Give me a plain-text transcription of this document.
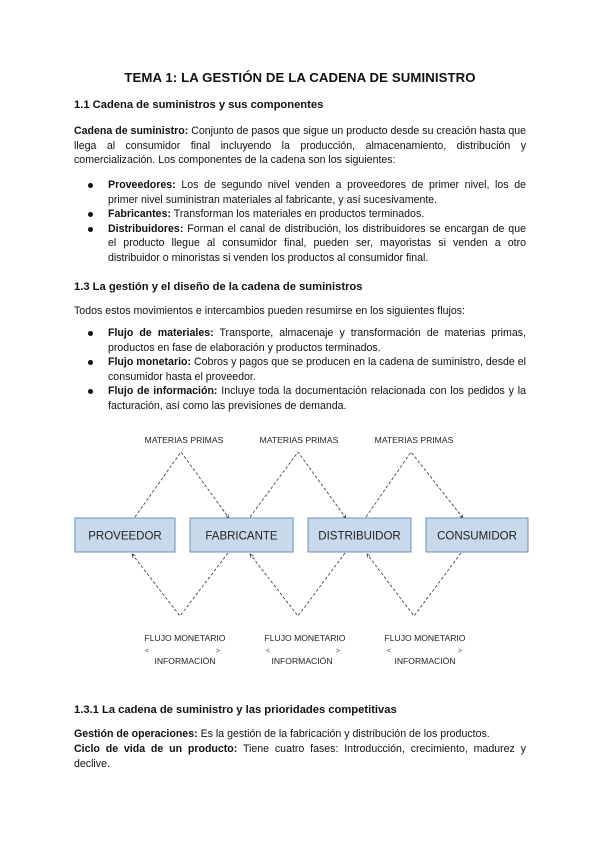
TEMA 1: LA GESTIÓN DE LA CADENA DE SUMINISTRO
1.1 Cadena de suministros y sus componentes

Cadena de suministro: Conjunto de pasos que sigue un producto desde su creación hasta que llega al consumidor final incluyendo la producción, almacenamiento, distribución y comercialización. Los componentes de la cadena son los siguientes:

Proveedores: Los de segundo nivel venden a proveedores de primer nivel, los de primer nivel suministran materiales al fabricante, y así sucesivamente.
Fabricantes: Transforman los materiales en productos terminados.
Distribuidores: Forman el canal de distribución, los distribuidores se encargan de que el producto llegue al consumidor final, pueden ser, mayoristas si venden a otro distribuidor o minoristas si venden los productos al consumidor final.
1.3 La gestión y el diseño de la cadena de suministros

Todos estos movimientos e intercambios pueden resumirse en los siguientes flujos:

Flujo de materiales: Transporte, almacenaje y transformación de materias primas, productos en fase de elaboración y productos terminados.
Flujo monetario: Cobros y pagos que se producen en la cadena de suministro, desde el consumidor hasta el proveedor.
Flujo de información: Incluye toda la documentación relacionada con los pedidos y la facturación, así como las previsiones de demanda.
MATERIAS PRIMAS	MATERIAS PRIMAS	MATERIAS PRIMAS
PROVEEDOR	FABRICANTE	DISTRIBUIDOR	CONSUMIDOR
FLUJO MONETARIO	FLUJO MONETARIO	FLUJO MONETARIO
INFORMACIÓN	INFORMACIÓN	INFORMACIÓN
<	>	<	>	<	>
1.3.1 La cadena de suministro y las prioridades competitivas

Gestión de operaciones: Es la gestión de la fabricación y distribución de los productos.

Ciclo de vida de un producto: Tiene cuatro fases: Introducción, crecimiento, madurez y declive.
